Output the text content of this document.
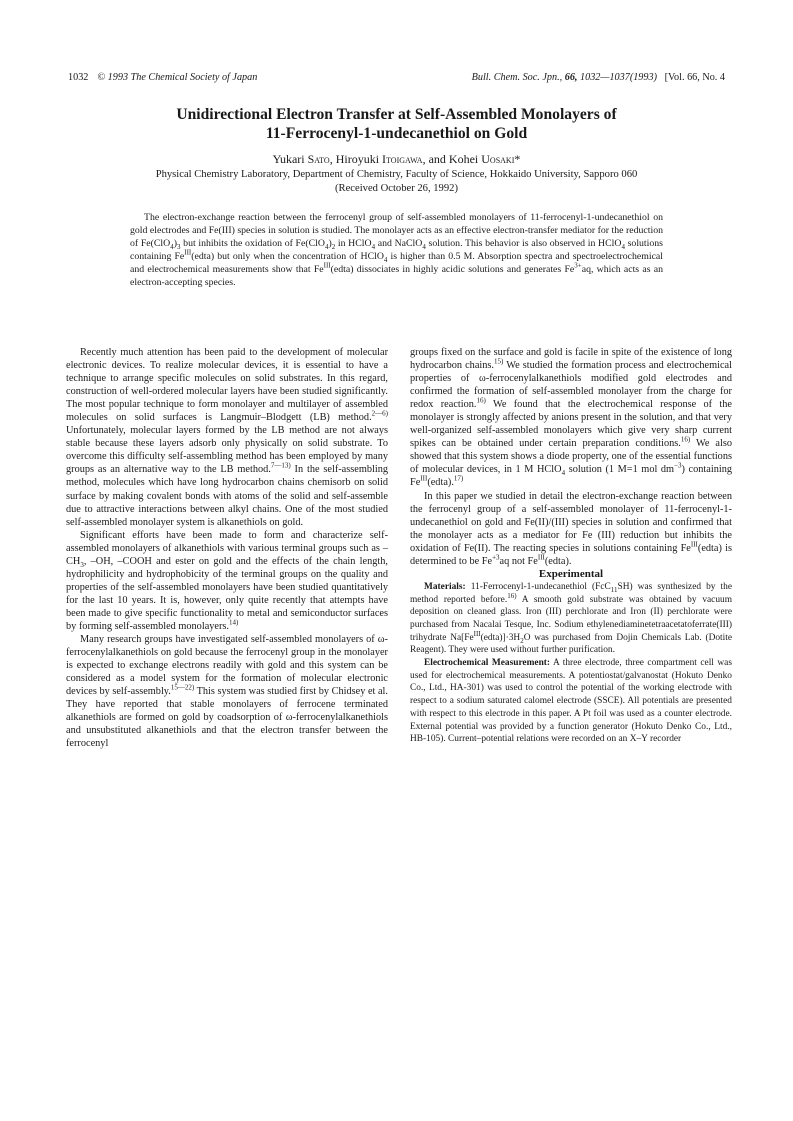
1032 © 1993 The Chemical Society of Japan	Bull. Chem. Soc. Jpn., 66, 1032—1037(1993) [Vol. 66, No. 4
Unidirectional Electron Transfer at Self-Assembled Monolayers of
11-Ferrocenyl-1-undecanethiol on Gold
Yukari Sato, Hiroyuki Itoigawa, and Kohei Uosaki*
Physical Chemistry Laboratory, Department of Chemistry, Faculty of Science, Hokkaido University, Sapporo 060
(Received October 26, 1992)
The electron-exchange reaction between the ferrocenyl group of self-assembled monolayers of 11-ferrocenyl-1-undecanethiol on gold electrodes and Fe(III) species in solution is studied. The monolayer acts as an effective electron-transfer mediator for the reduction of $Fe(ClO_4)_3$ but inhibits the oxidation of $Fe(ClO_4)_2$ in HClO$_4$ and NaClO$_4$ solution. This behavior is also observed in HClO$_4$ solutions containing $Fe^{III}(edta)$ but only when the concentration of HClO$_4$ is higher than 0.5 M. Absorption spectra and spectroelectrochemical and electrochemical measurements show that $Fe^{III}(edta)$ dissociates in highly acidic solutions and generates $Fe^{3+}aq$, which acts as an electron-accepting species.

Recently much attention has been paid to the development of molecular electronic devices. To realize molecular devices, it is essential to have a technique to arrange specific molecules on solid substrates. In this regard, construction of well-ordered molecular layers have been studied significantly. The most popular technique to form monolayer and multilayer of assembled molecules on solid surfaces is Langmuir–Blodgett (LB) method.$^{2—6)}$ Unfortunately, molecular layers formed by the LB method are not always stable because these layers adsorb only physically on solid substrate. To overcome this difficulty self-assembling method has been employed by many groups as an alternative way to the LB method.$^{7—13)}$ In the self-assembling method, molecules which have long hydrocarbon chains chemisorb on solid surface by making covalent bonds with atoms of the solid and self-assemble due to attractive interactions between alkyl chains. One of the most studied self-assembled monolayer system is alkanethiols on gold.

Significant efforts have been made to form and characterize self-assembled monolayers of alkanethiols with various terminal groups such as $-CH_3$, –OH, –COOH and ester on gold and the effects of the chain length, hydrophilicity and hydrophobicity of the terminal groups on the quality and properties of the self-assembled monolayers have been studied quantitatively for the last 10 years. It is, however, only quite recently that attempts have been made to give specific functionality to metal and semiconductor surfaces by forming self-assembled monolayers.$^{14)}$

Many research groups have investigated self-assembled monolayers of ω-ferrocenylalkanethiols on gold because the ferrocenyl group in the monolayer is expected to exchange electrons readily with gold and this system can be considered as a model system for the formation of molecular electronic devices by self-assembly.$^{15—22)}$ This system was studied first by Chidsey et al. They have reported that stable monolayers of ferrocene terminated alkanethiols are formed on gold by coadsorption of ω-ferrocenylalkanethiols and unsubstituted alkanethiols and that the electron transfer between the ferrocenyl

groups fixed on the surface and gold is facile in spite of the existence of long hydrocarbon chains.$^{15)}$ We studied the formation process and electrochemical properties of ω-ferrocenylalkanethiols modified gold electrodes and confirmed the formation of self-assembled monolayer from the charge for redox reaction.$^{16)}$ We found that the electrochemical response of the monolayer is strongly affected by anions present in the solution, and that very well-organized self-assembled monolayers which give very sharp current spikes can be obtained under certain preparation conditions.$^{16)}$ We also showed that this system shows a diode property, one of the essential functions of molecular devices, in 1 M HClO$_4$ solution (1 M=1 mol $dm^{-3}$) containing $Fe^{III}(edta).^{17)}$

In this paper we studied in detail the electron-exchange reaction between the ferrocenyl group of a self-assembled monolayer of 11-ferrocenyl-1-undecanethiol on gold and Fe(II)/(III) species in solution and confirmed that the monolayer acts as a mediator for Fe (III) reduction but inhibits the oxidation of Fe(II). The reacting species in solutions containing $Fe^{III}(edta)$ is determined to be $Fe^{+3}aq$ not $Fe^{III}(edta)$.

Experimental

Materials: 11-Ferrocenyl-1-undecanethiol (FcC$_{11}$SH) was synthesized by the method reported before.$^{16)}$ A smooth gold substrate was obtained by vacuum deposition on cleaned glass. Iron (III) perchlorate and Iron (II) perchlorate were purchased from Nacalai Tesque, Inc. Sodium ethylenediaminetetraacetatoferrate(III) trihydrate $Na[Fe^{III}(edta)]\cdot 3H_2O$ was purchased from Dojin Chemicals Lab. (Dotite Reagent). They were used without further purification.

Electrochemical Measurement: A three electrode, three compartment cell was used for electrochemical measurements. A potentiostat/galvanostat (Hokuto Denko Co., Ltd., HA-301) was used to control the potential of the working electrode with respect to a sodium saturated calomel electrode (SSCE). All potentials are presented with respect to this electrode in this paper. A Pt foil was used as a counter electrode. External potential was provided by a function generator (Hokuto Denko Co., Ltd., HB-105). Current–potential relations were recorded on an X–Y recorder
